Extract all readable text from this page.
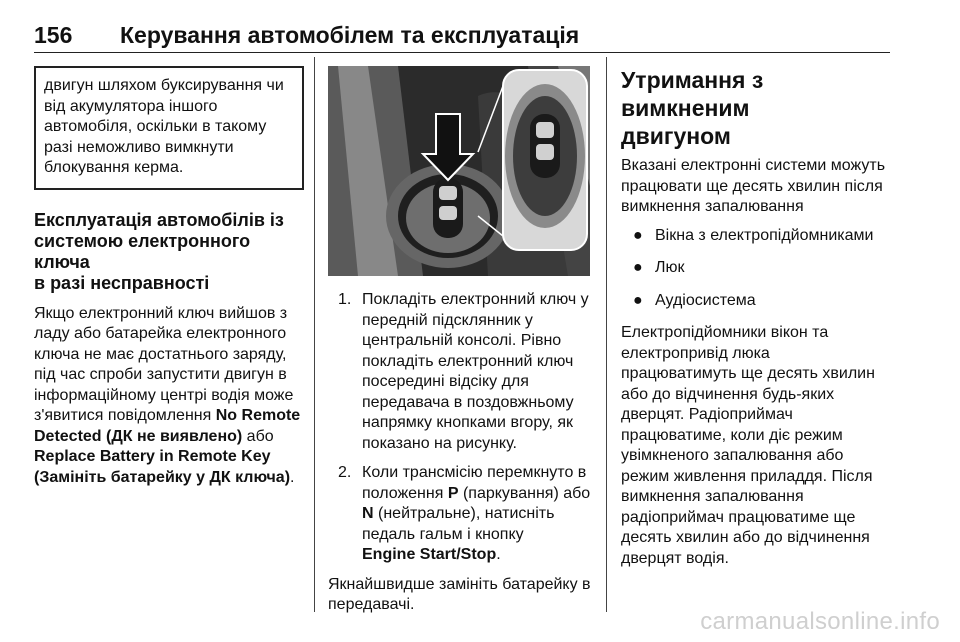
156 Керування автомобілем та експлуатація
двигун шляхом буксирування чи
від акумулятора іншого
автомобіля, оскільки в такому
разі неможливо вимкнути
блокування керма.
Експлуатація автомобілів із
системою електронного ключа
в разі несправності
Якщо електронний ключ вийшов з
ладу або батарейка електронного
ключа не має достатнього заряду,
під час спроби запустити двигун в
інформаційному центрі водія може
з'явитися повідомлення No Remote
Detected (ДК не виявлено) або
Replace Battery in Remote Key
(Замініть батарейку у ДК ключа).
1. Покладіть електронний ключ у
передній підсклянник у
центральній консолі. Рівно
покладіть електронний ключ
посередині відсіку для
передавача в поздовжньому
напрямку кнопками вгору, як
показано на рисунку.
2. Коли трансмісію перемкнуто в
положення P (паркування) або
N (нейтральне), натисніть
педаль гальм і кнопку
Engine Start/Stop.
Якнайшвидше замініть батарейку в
передавачі.
Утримання з вимкненим
двигуном
Вказані електронні системи можуть
працювати ще десять хвилин після
вимкнення запалювання
● Вікна з електропідйомниками
● Люк
● Аудіосистема
Електропідйомники вікон та
електропривід люка
працюватимуть ще десять хвилин
або до відчинення будь-яких
дверцят. Радіоприймач
працюватиме, коли діє режим
увімкненого запалювання або
режим живлення приладдя. Після
вимкнення запалювання
радіоприймач працюватиме ще
десять хвилин або до відчинення
дверцят водія.
carmanualsonline.info
